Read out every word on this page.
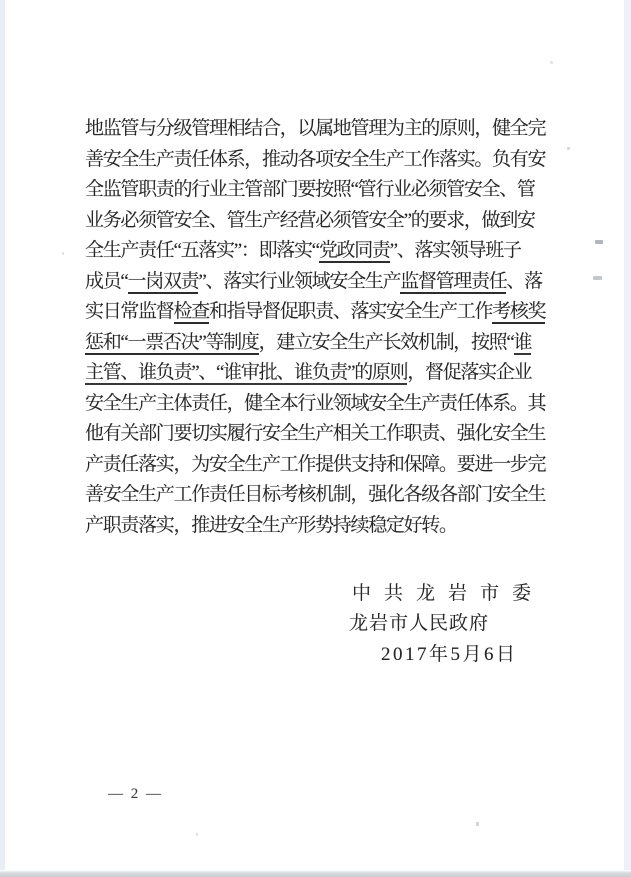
地监管与分级管理相结合，以属地管理为主的原则，健全完
善安全生产责任体系，推动各项安全生产工作落实。负有安
全监管职责的行业主管部门要按照“管行业必须管安全、管
业务必须管安全、管生产经营必须管安全”的要求，做到安
全生产责任“五落实”：即落实“党政同责”、落实领导班子
成员“一岗双责”、落实行业领域安全生产监督管理责任、落
实日常监督检查和指导督促职责、落实安全生产工作考核奖
惩和“一票否决”等制度，建立安全生产长效机制，按照“谁
主管、谁负责”、“谁审批、谁负责”的原则，督促落实企业
安全生产主体责任，健全本行业领域安全生产责任体系。其
他有关部门要切实履行安全生产相关工作职责、强化安全生
产责任落实，为安全生产工作提供支持和保障。要进一步完
善安全生产工作责任目标考核机制，强化各级各部门安全生
产职责落实，推进安全生产形势持续稳定好转。
中共龙岩市委
龙岩市人民政府
2017年5月6日
— 2 —
